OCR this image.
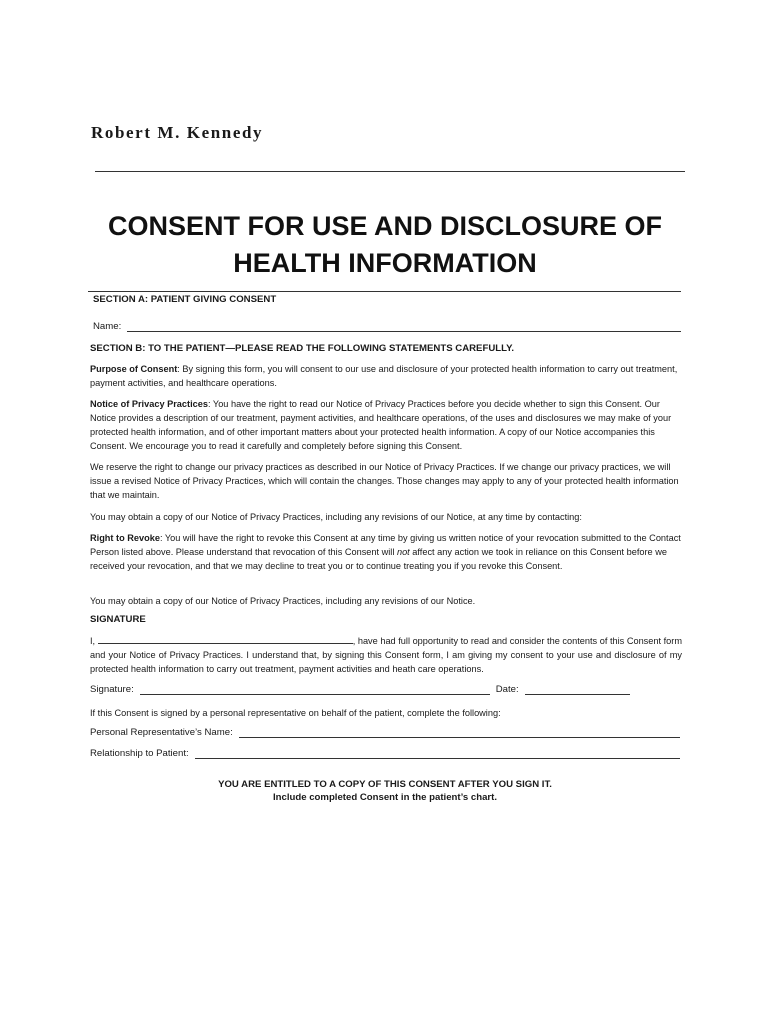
Robert M. Kennedy
CONSENT FOR USE AND DISCLOSURE OF
HEALTH INFORMATION
SECTION A: PATIENT GIVING CONSENT
Name:
SECTION B: TO THE PATIENT—PLEASE READ THE FOLLOWING STATEMENTS CAREFULLY.
Purpose of Consent: By signing this form, you will consent to our use and disclosure of your protected health information to carry out treatment, payment activities, and healthcare operations.
Notice of Privacy Practices: You have the right to read our Notice of Privacy Practices before you decide whether to sign this Consent. Our Notice provides a description of our treatment, payment activities, and healthcare operations, of the uses and disclosures we may make of your protected health information, and of other important matters about your protected health information. A copy of our Notice accompanies this Consent. We encourage you to read it carefully and completely before signing this Consent.
We reserve the right to change our privacy practices as described in our Notice of Privacy Practices. If we change our privacy practices, we will issue a revised Notice of Privacy Practices, which will contain the changes. Those changes may apply to any of your protected health information that we maintain.
You may obtain a copy of our Notice of Privacy Practices, including any revisions of our Notice, at any time by contacting:
Right to Revoke: You will have the right to revoke this Consent at any time by giving us written notice of your revocation submitted to the Contact Person listed above. Please understand that revocation of this Consent will not affect any action we took in reliance on this Consent before we received your revocation, and that we may decline to treat you or to continue treating you if you revoke this Consent.
You may obtain a copy of our Notice of Privacy Practices, including any revisions of our Notice.
SIGNATURE
I,	, have had full opportunity to read and consider the contents of this Consent form and your Notice of Privacy Practices. I understand that, by signing this Consent form, I am giving my consent to your use and disclosure of my protected health information to carry out treatment, payment activities and heath care operations.
Signature:	Date:
If this Consent is signed by a personal representative on behalf of the patient, complete the following:
Personal Representative’s Name:
Relationship to Patient:
YOU ARE ENTITLED TO A COPY OF THIS CONSENT AFTER YOU SIGN IT.
Include completed Consent in the patient’s chart.
